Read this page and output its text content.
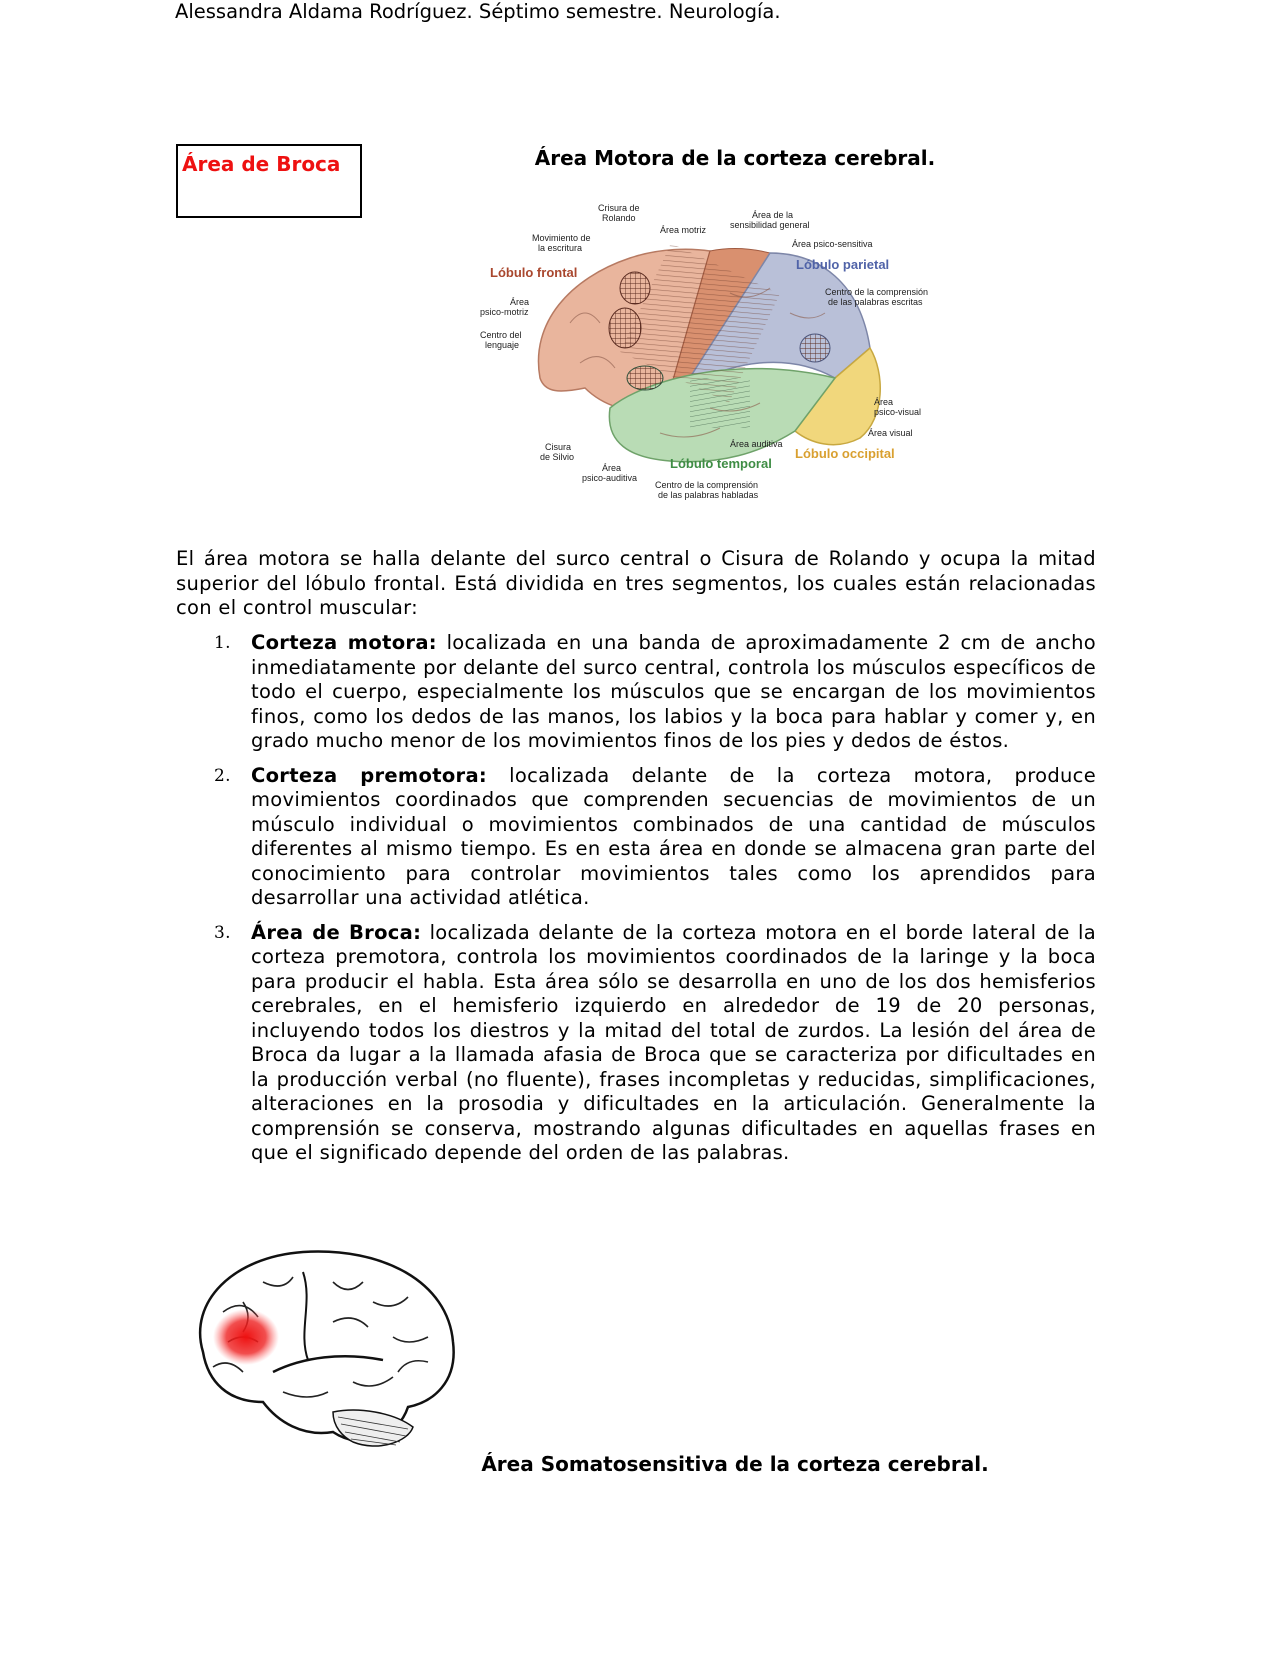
Alessandra Aldama Rodríguez. Séptimo semestre. Neurología.
Área de Broca	Área Motora de la corteza cerebral.
Crisura de
Rolando
Movimiento de
la escritura
Área motriz
Área de la
sensibilidad general
Área psico-sensitiva
Lóbulo frontal
Lóbulo parietal
Área
psico-motriz
Centro de la comprensión
de las palabras escritas
Centro del
lenguaje
Área
psico-visual
Área visual
Área auditiva
Cisura
de Silvio	Lóbulo occipital
Lóbulo temporal
Área
psico-auditiva
Centro de la comprensión
de las palabras habladas
El área motora se halla delante del surco central o Cisura de Rolando y ocupa la mitad superior del lóbulo frontal. Está dividida en tres segmentos, los cuales están relacionadas con el control muscular:
1. Corteza motora: localizada en una banda de aproximadamente 2 cm de ancho inmediatamente por delante del surco central, controla los músculos específicos de todo el cuerpo, especialmente los músculos que se encargan de los movimientos finos, como los dedos de las manos, los labios y la boca para hablar y comer y, en grado mucho menor de los movimientos finos de los pies y dedos de éstos.
2. Corteza premotora: localizada delante de la corteza motora, produce movimientos coordinados que comprenden secuencias de movimientos de un músculo individual o movimientos combinados de una cantidad de músculos diferentes al mismo tiempo. Es en esta área en donde se almacena gran parte del conocimiento para controlar movimientos tales como los aprendidos para desarrollar una actividad atlética.
3. Área de Broca: localizada delante de la corteza motora en el borde lateral de la corteza premotora, controla los movimientos coordinados de la laringe y la boca para producir el habla. Esta área sólo se desarrolla en uno de los dos hemisferios cerebrales, en el hemisferio izquierdo en alrededor de 19 de 20 personas, incluyendo todos los diestros y la mitad del total de zurdos. La lesión del área de Broca da lugar a la llamada afasia de Broca que se caracteriza por dificultades en la producción verbal (no fluente), frases incompletas y reducidas, simplificaciones, alteraciones en la prosodia y dificultades en la articulación. Generalmente la comprensión se conserva, mostrando algunas dificultades en aquellas frases en que el significado depende del orden de las palabras.
Área Somatosensitiva de la corteza cerebral.
